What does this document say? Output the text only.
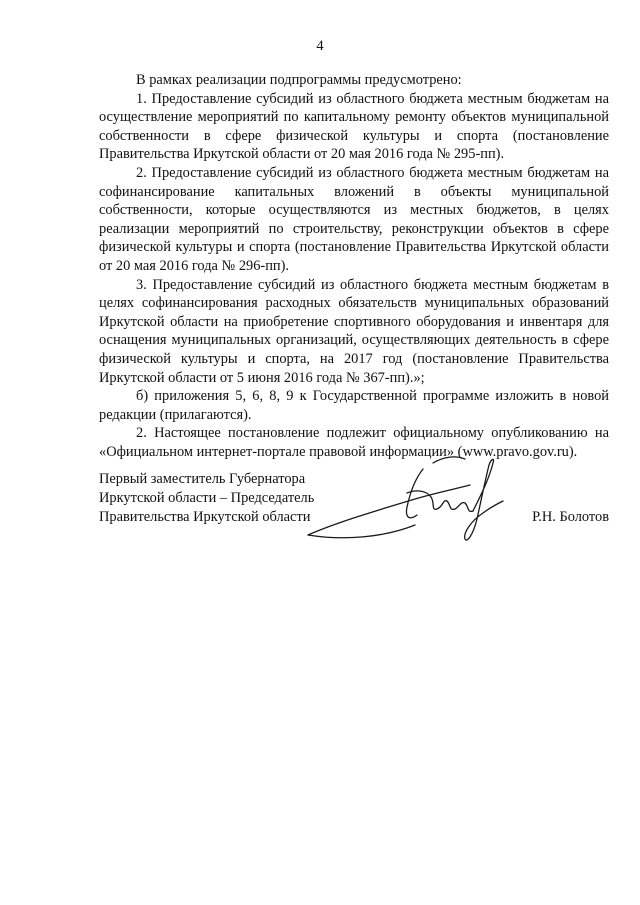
4

В рамках реализации подпрограммы предусмотрено:

1. Предоставление субсидий из областного бюджета местным бюджетам на осуществление мероприятий по капитальному ремонту объектов муниципальной собственности в сфере физической культуры и спорта (постановление Правительства Иркутской области от 20 мая 2016 года № 295-пп).

2. Предоставление субсидий из областного бюджета местным бюджетам на софинансирование капитальных вложений в объекты муниципальной собственности, которые осуществляются из местных бюджетов, в целях реализации мероприятий по строительству, реконструкции объектов в сфере физической культуры и спорта (постановление Правительства Иркутской области от 20 мая 2016 года № 296-пп).

3. Предоставление субсидий из областного бюджета местным бюджетам в целях софинансирования расходных обязательств муниципальных образований Иркутской области на приобретение спортивного оборудования и инвентаря для оснащения муниципальных организаций, осуществляющих деятельность в сфере физической культуры и спорта, на 2017 год (постановление Правительства Иркутской области от 5 июня 2016 года № 367-пп).»;

б) приложения 5, 6, 8, 9 к Государственной программе изложить в новой редакции (прилагаются).

2. Настоящее постановление подлежит официальному опубликованию на «Официальном интернет-портале правовой информации» (www.pravo.gov.ru).

Первый заместитель Губернатора
Иркутской области – Председатель
Правительства Иркутской области	Р.Н. Болотов
